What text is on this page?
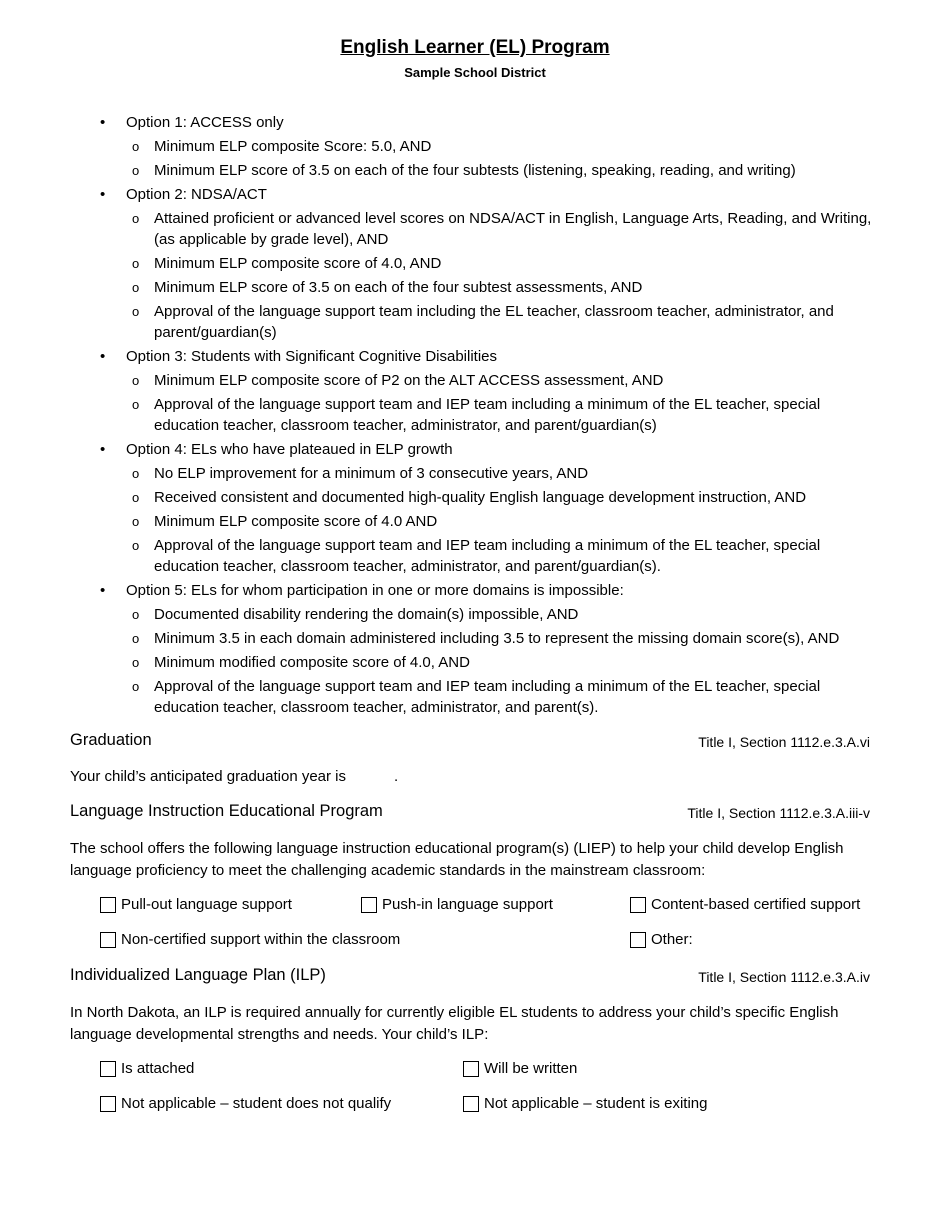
English Learner (EL) Program
Sample School District
• Option 1: ACCESS only
o Minimum ELP composite Score: 5.0, AND
o Minimum ELP score of 3.5 on each of the four subtests (listening, speaking, reading, and writing)
• Option 2: NDSA/ACT
o Attained proficient or advanced level scores on NDSA/ACT in English, Language Arts, Reading, and Writing, (as applicable by grade level), AND
o Minimum ELP composite score of 4.0, AND
o Minimum ELP score of 3.5 on each of the four subtest assessments, AND
o Approval of the language support team including the EL teacher, classroom teacher, administrator, and parent/guardian(s)
• Option 3: Students with Significant Cognitive Disabilities
o Minimum ELP composite score of P2 on the ALT ACCESS assessment, AND
o Approval of the language support team and IEP team including a minimum of the EL teacher, special education teacher, classroom teacher, administrator, and parent/guardian(s)
• Option 4: ELs who have plateaued in ELP growth
o No ELP improvement for a minimum of 3 consecutive years, AND
o Received consistent and documented high-quality English language development instruction, AND
o Minimum ELP composite score of 4.0 AND
o Approval of the language support team and IEP team including a minimum of the EL teacher, special education teacher, classroom teacher, administrator, and parent/guardian(s).
• Option 5: ELs for whom participation in one or more domains is impossible:
o Documented disability rendering the domain(s) impossible, AND
o Minimum 3.5 in each domain administered including 3.5 to represent the missing domain score(s), AND
o Minimum modified composite score of 4.0, AND
o Approval of the language support team and IEP team including a minimum of the EL teacher, special education teacher, classroom teacher, administrator, and parent(s).
Graduation	Title I, Section 1112.e.3.A.vi
Your child’s anticipated graduation year is	.
Language Instruction Educational Program	Title I, Section 1112.e.3.A.iii-v
The school offers the following language instruction educational program(s) (LIEP) to help your child develop English language proficiency to meet the challenging academic standards in the mainstream classroom:
Pull-out language support	Push-in language support	Content-based certified support
Non-certified support within the classroom	Other:
Individualized Language Plan (ILP)	Title I, Section 1112.e.3.A.iv
In North Dakota, an ILP is required annually for currently eligible EL students to address your child’s specific English language developmental strengths and needs. Your child’s ILP:
Is attached	Will be written
Not applicable – student does not qualify	Not applicable – student is exiting
